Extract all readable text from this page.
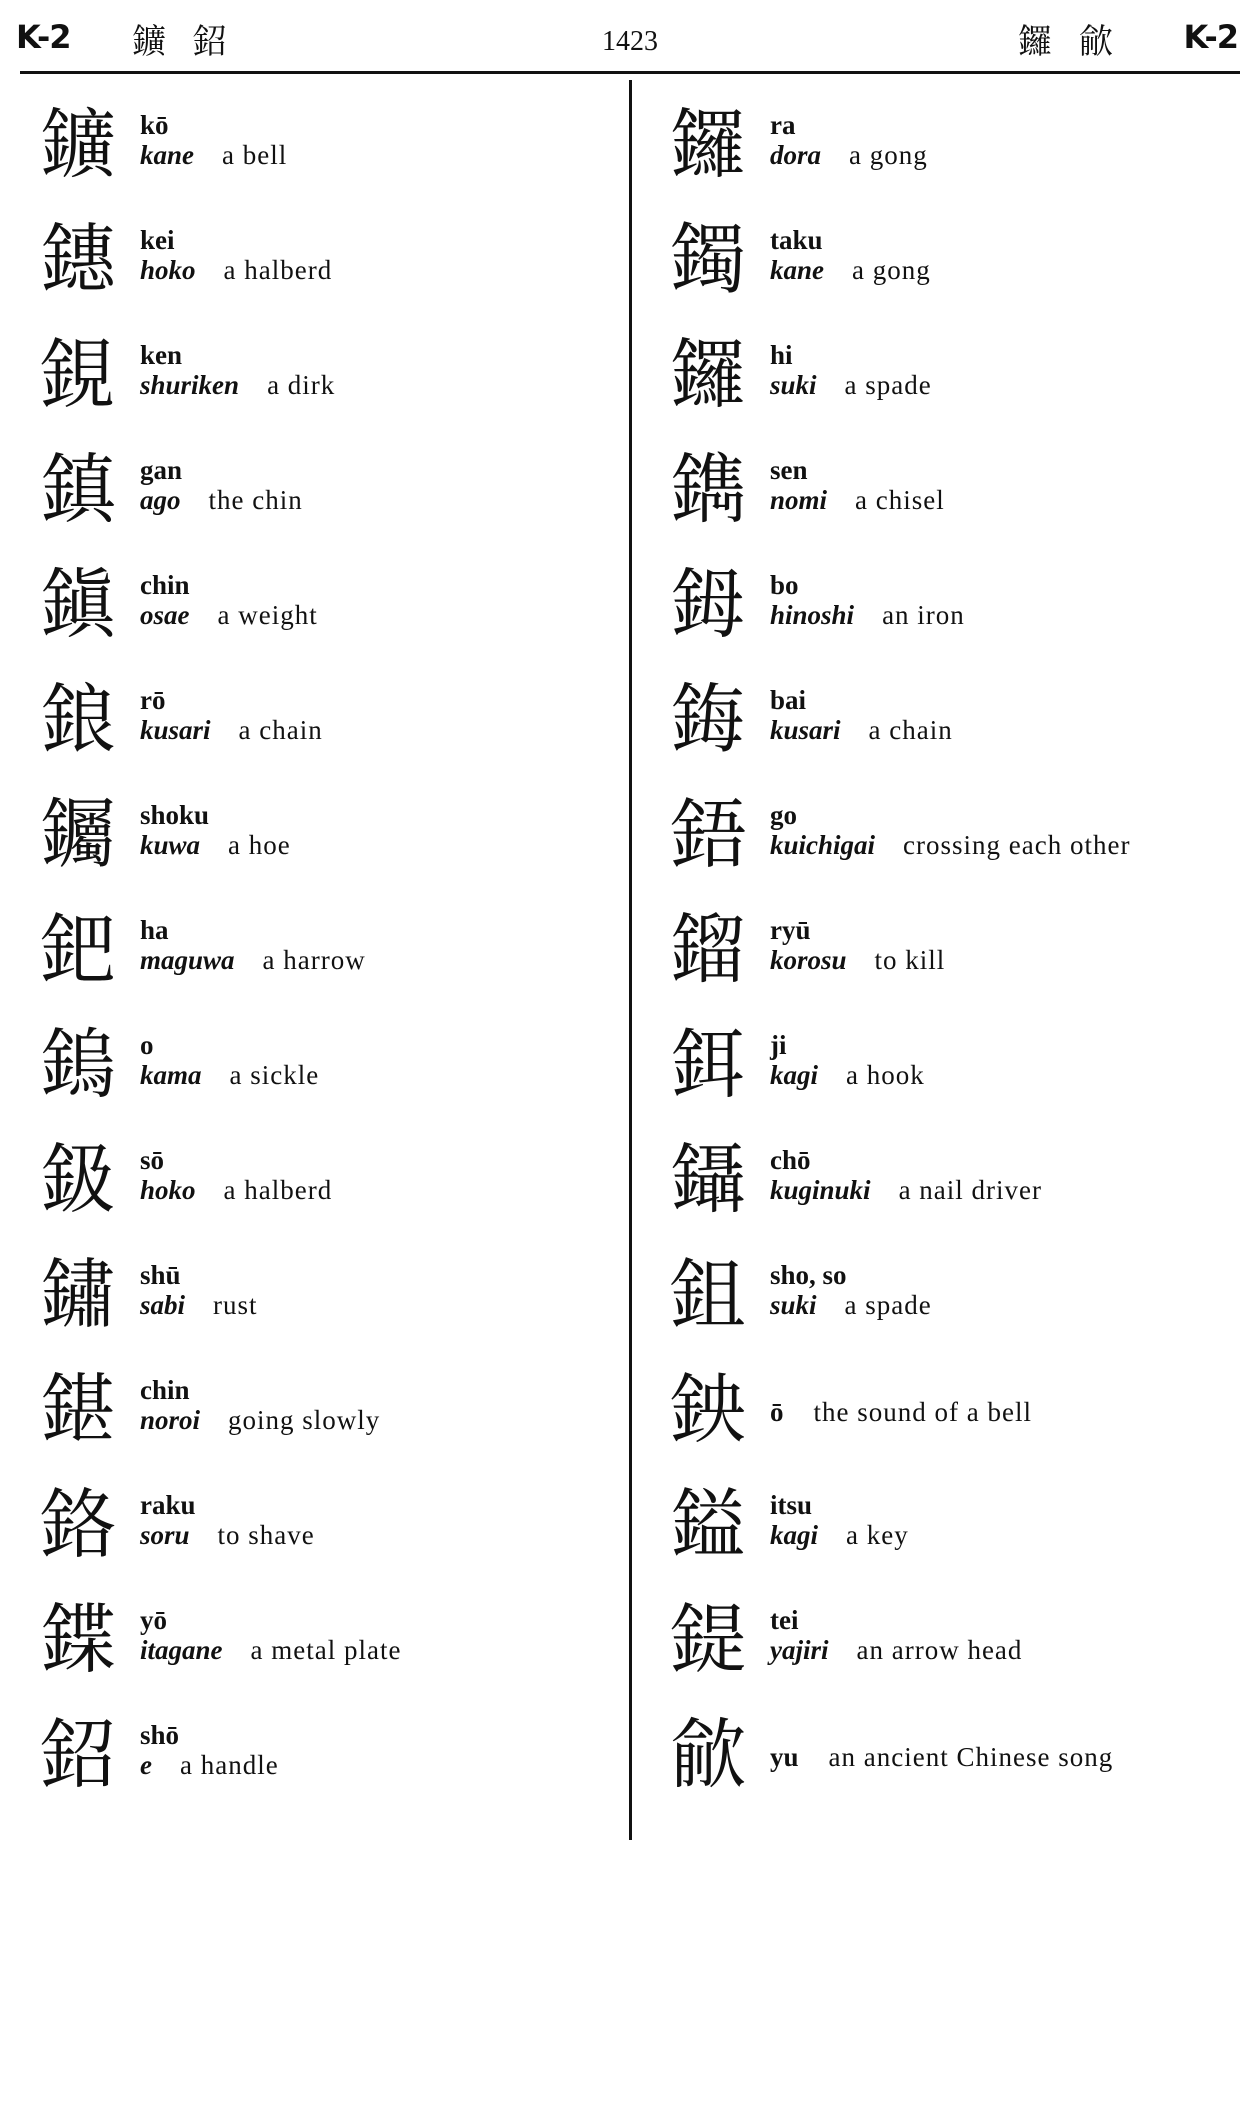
K-2 鑛 鉊	1423	鑼 歈 K-2
鑛 kō
kane a bell
鏸 kei
hoko a halberd
鋧 ken
shuriken a dirk
鎮 gan
ago the chin
鎭 chin
osae a weight
鋃 rō
kusari a chain
钃 shoku
kuwa a hoe
鈀 ha
maguwa a harrow
鎢 o
kama a sickle
鈒 sō
hoko a halberd
鏽 shū
sabi rust
鍖 chin
noroi going slowly
鉻 raku
soru to shave
鍱 yō
itagane a metal plate
鉊 shō
e a handle
鑼 ra
dora a gong
鐲 taku
kane a gong
鑼 hi
suki a spade
鐫 sen
nomi a chisel
鉧 bo
hinoshi an iron
鋂 bai
kusari a chain
鋙 go
kuichigai crossing each other
鎦 ryū
korosu to kill
鉺 ji
kagi a hook
鑷 chō
kuginuki a nail driver
鉏 sho, so
suki a spade
鉠 ō the sound of a bell
鎰 itsu
kagi a key
鍉 tei
yajiri an arrow head
歈 yu an ancient Chinese song
